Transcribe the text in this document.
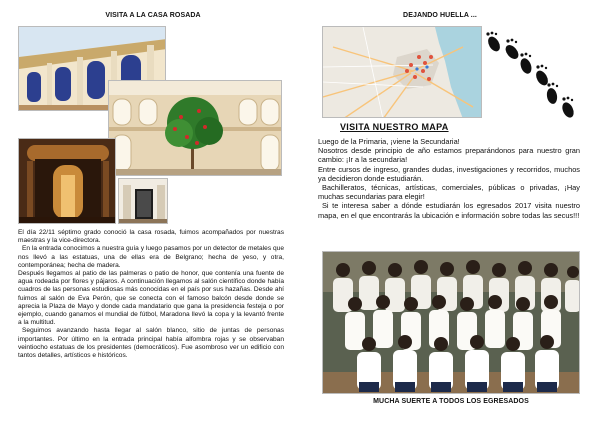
VISITA A LA CASA ROSADA

El día 22/11 séptimo grado conoció la casa rosada, fuimos acompañados por nuestras maestras y la vice-directora.

En la entrada conocimos a nuestra guía y luego pasamos por un detector de metales que nos llevó a las estatuas, una de ellas era de Belgrano; hecha de yeso, y otra, contemporánea; hecha de madera.

Después llegamos al patio de las palmeras o patio de honor, que contenía una fuente de agua rodeada por flores y pájaros. A continuación llegamos al salón científico donde había cuadros de las personas estudiosas más conocidas en el país por sus hazañas. Desde ahí fuimos al salón de Eva Perón, que se conecta con el famoso balcón desde donde se aprecia la Plaza de Mayo y donde cada mandatario que gana la presidencia festeja o por ejemplo, cuando ganamos el mundial de fútbol, Maradona llevó la copa y la levantó frente a la multitud.

Seguimos avanzando hasta llegar al salón blanco, sitio de juntas de personas importantes. Por último en la entrada principal había alfombra rojas y se observaban veintiocho estatuas de los presidentes (democráticos). Fue asombroso ver un edificio con tantos detalles, artísticos e históricos.

DEJANDO HUELLA ...
VISITA NUESTRO MAPA

Luego de la Primaria, ¡viene la Secundaria!

Nosotros desde principio de año estamos preparándonos para nuestro gran cambio: ¡Ir a la secundaria!

Entre cursos de ingreso, grandes dudas, investigaciones y recorridos, muchos ya decidieron donde estudiarán.

Bachilleratos, técnicas, artísticas, comerciales, públicas o privadas, ¡Hay muchas secundarias para elegir!

Si te interesa saber a dónde estudiarán los egresados 2017 visita nuestro mapa, en el que encontrarás la ubicación e información sobre todas las secus!!!

MUCHA SUERTE A TODOS LOS EGRESADOS
